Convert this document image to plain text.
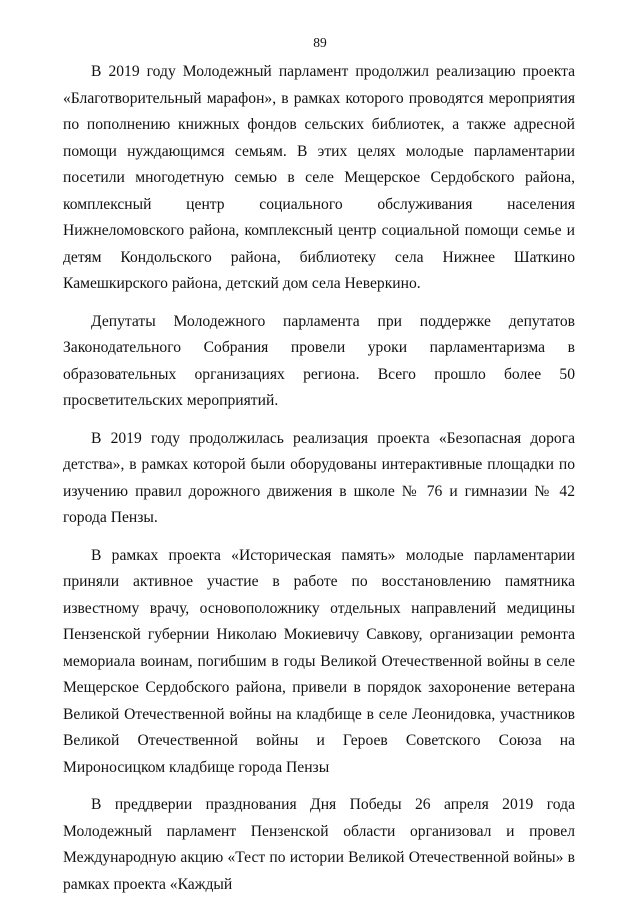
89

В 2019 году Молодежный парламент продолжил реализацию проекта «Благотворительный марафон», в рамках которого проводятся мероприятия по пополнению книжных фондов сельских библиотек, а также адресной помощи нуждающимся семьям. В этих целях молодые парламентарии посетили многодетную семью в селе Мещерское Сердобского района, комплексный центр социального обслуживания населения Нижнеломовского района, комплексный центр социальной помощи семье и детям Кондольского района, библиотеку села Нижнее Шаткино Камешкирского района, детский дом села Неверкино.

Депутаты Молодежного парламента при поддержке депутатов Законодательного Собрания провели уроки парламентаризма в образовательных организациях региона. Всего прошло более 50 просветительских мероприятий.

В 2019 году продолжилась реализация проекта «Безопасная дорога детства», в рамках которой были оборудованы интерактивные площадки по изучению правил дорожного движения в школе № 76 и гимназии № 42 города Пензы.

В рамках проекта «Историческая память» молодые парламентарии приняли активное участие в работе по восстановлению памятника известному врачу, основоположнику отдельных направлений медицины Пензенской губернии Николаю Мокиевичу Савкову, организации ремонта мемориала воинам, погибшим в годы Великой Отечественной войны в селе Мещерское Сердобского района, привели в порядок захоронение ветерана Великой Отечественной войны на кладбище в селе Леонидовка, участников Великой Отечественной войны и Героев Советского Союза на Мироносицком кладбище города Пензы

В преддверии празднования Дня Победы 26 апреля 2019 года Молодежный парламент Пензенской области организовал и провел Международную акцию «Тест по истории Великой Отечественной войны» в рамках проекта «Каждый
